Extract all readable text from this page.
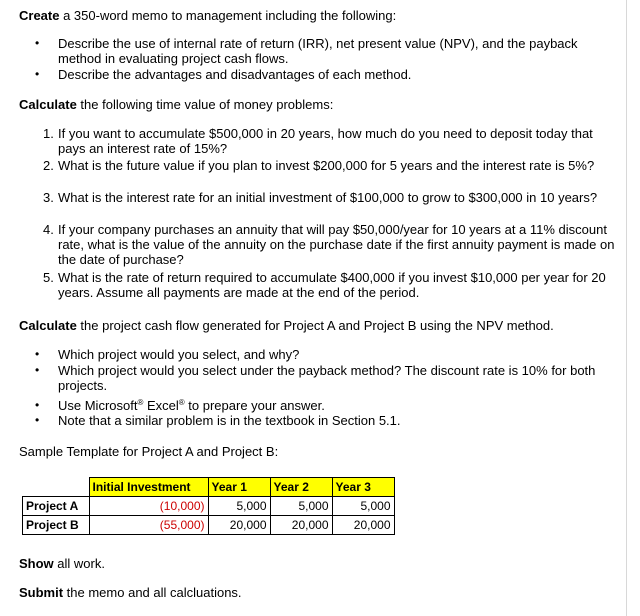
Create a 350-word memo to management including the following:

• Describe the use of internal rate of return (IRR), net present value (NPV), and the payback method in evaluating project cash flows.
• Describe the advantages and disadvantages of each method.

Calculate the following time value of money problems:

1. If you want to accumulate $500,000 in 20 years, how much do you need to deposit today that pays an interest rate of 15%?
2. What is the future value if you plan to invest $200,000 for 5 years and the interest rate is 5%?
3. What is the interest rate for an initial investment of $100,000 to grow to $300,000 in 10 years?
4. If your company purchases an annuity that will pay $50,000/year for 10 years at a 11% discount rate, what is the value of the annuity on the purchase date if the first annuity payment is made on the date of purchase?
5. What is the rate of return required to accumulate $400,000 if you invest $10,000 per year for 20 years. Assume all payments are made at the end of the period.

Calculate the project cash flow generated for Project A and Project B using the NPV method.

• Which project would you select, and why?
• Which project would you select under the payback method? The discount rate is 10% for both projects.
• Use Microsoft® Excel® to prepare your answer.
• Note that a similar problem is in the textbook in Section 5.1.

Sample Template for Project A and Project B:

	Initial Investment	Year 1	Year 2	Year 3
Project A	(10,000)	5,000	5,000	5,000
Project B	(55,000)	20,000	20,000	20,000

Show all work.

Submit the memo and all calcluations.
